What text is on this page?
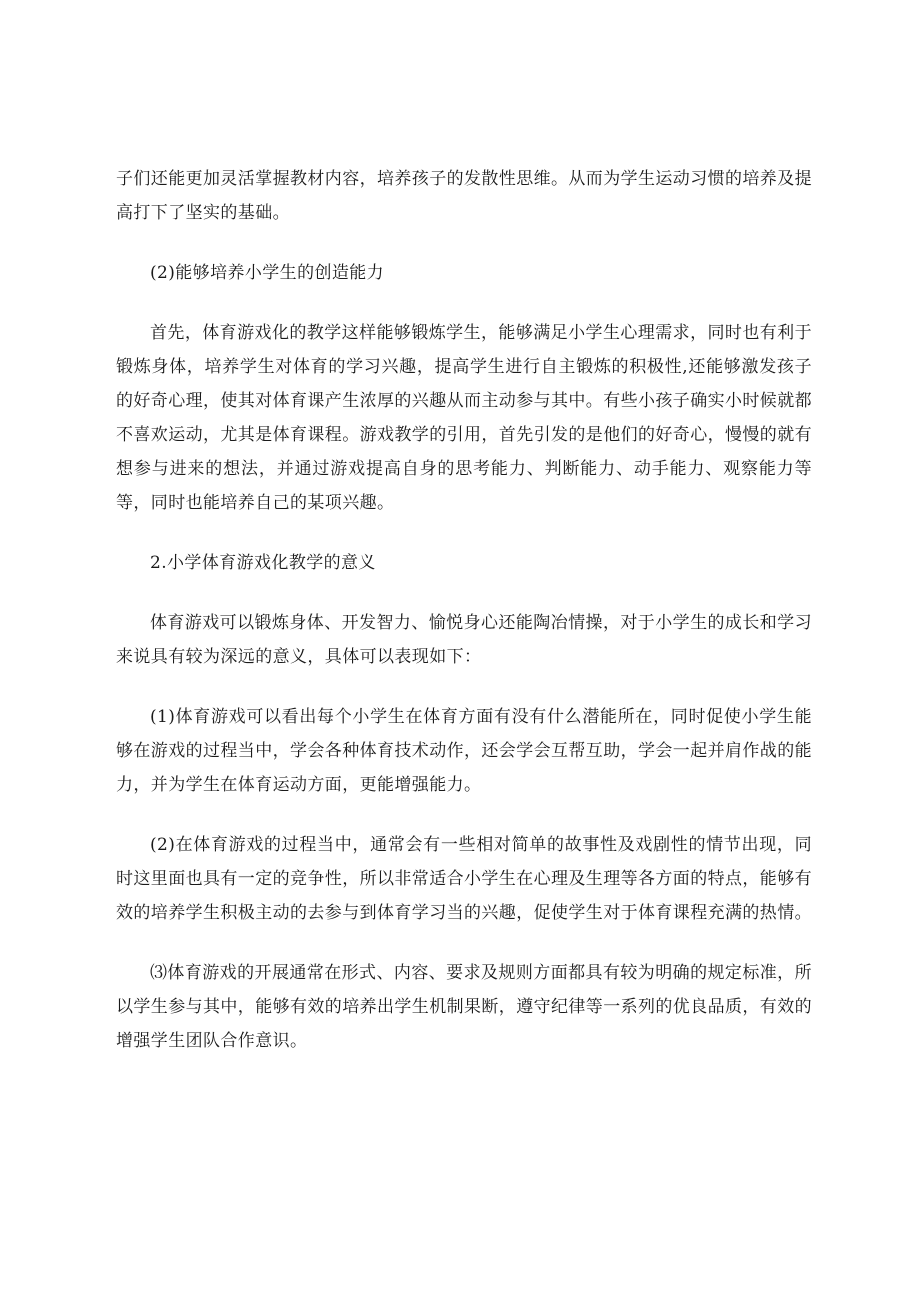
子们还能更加灵活掌握教材内容，培养孩子的发散性思维。从而为学生运动习惯的培养及提高打下了坚实的基础。

(2)能够培养小学生的创造能力

首先，体育游戏化的教学这样能够锻炼学生，能够满足小学生心理需求，同时也有利于锻炼身体，培养学生对体育的学习兴趣，提高学生进行自主锻炼的积极性,还能够激发孩子的好奇心理，使其对体育课产生浓厚的兴趣从而主动参与其中。有些小孩子确实小时候就都不喜欢运动，尤其是体育课程。游戏教学的引用，首先引发的是他们的好奇心，慢慢的就有想参与进来的想法，并通过游戏提高自身的思考能力、判断能力、动手能力、观察能力等等，同时也能培养自己的某项兴趣。

2.小学体育游戏化教学的意义

体育游戏可以锻炼身体、开发智力、愉悦身心还能陶冶情操，对于小学生的成长和学习来说具有较为深远的意义，具体可以表现如下：

(1)体育游戏可以看出每个小学生在体育方面有没有什么潜能所在，同时促使小学生能够在游戏的过程当中，学会各种体育技术动作，还会学会互帮互助，学会一起并肩作战的能力，并为学生在体育运动方面，更能增强能力。

(2)在体育游戏的过程当中，通常会有一些相对简单的故事性及戏剧性的情节出现，同时这里面也具有一定的竞争性，所以非常适合小学生在心理及生理等各方面的特点，能够有效的培养学生积极主动的去参与到体育学习当的兴趣，促使学生对于体育课程充满的热情。

⑶体育游戏的开展通常在形式、内容、要求及规则方面都具有较为明确的规定标准，所以学生参与其中，能够有效的培养出学生机制果断，遵守纪律等一系列的优良品质，有效的增强学生团队合作意识。
